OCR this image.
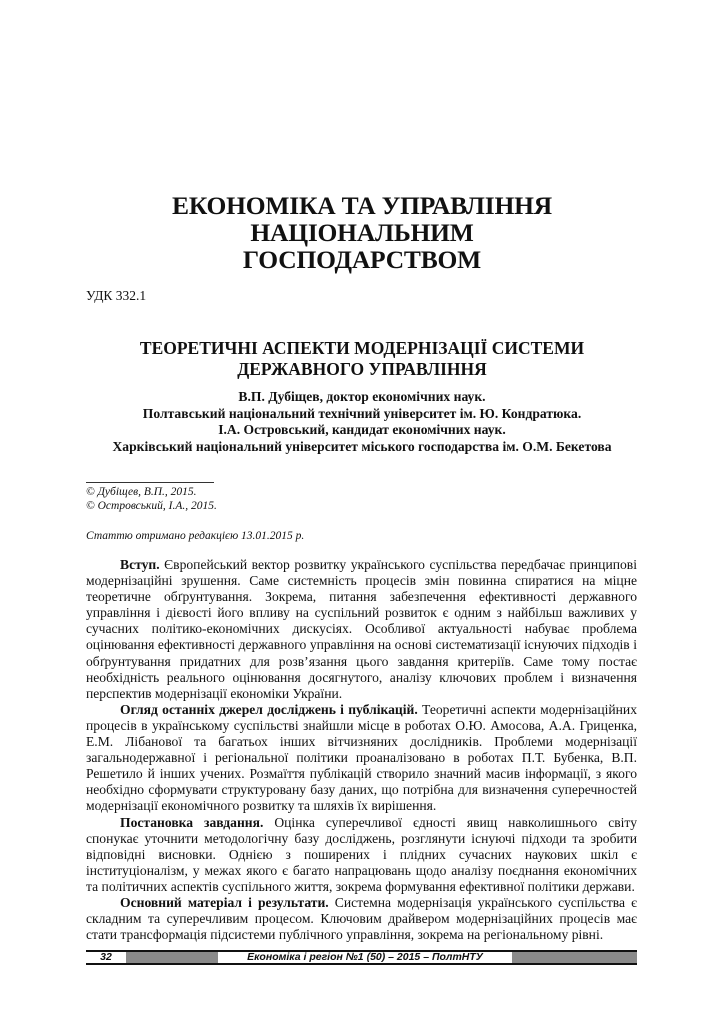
ЕКОНОМІКА ТА УПРАВЛІННЯ НАЦІОНАЛЬНИМ
ГОСПОДАРСТВОМ
УДК 332.1
ТЕОРЕТИЧНІ АСПЕКТИ МОДЕРНІЗАЦІЇ СИСТЕМИ
ДЕРЖАВНОГО УПРАВЛІННЯ
В.П. Дубіщев, доктор економічних наук.
Полтавський національний технічний університет ім. Ю. Кондратюка.
І.А. Островський, кандидат економічних наук.
Харківський національний університет міського господарства ім. О.М. Бекетова
© Дубіщев, В.П., 2015.
© Островський, І.А., 2015.
Статтю отримано редакцією 13.01.2015 р.

Вступ. Європейський вектор розвитку українського суспільства передбачає принципові модернізаційні зрушення. Саме системність процесів змін повинна спиратися на міцне теоретичне обґрунтування. Зокрема, питання забезпечення ефективності державного управління і дієвості його впливу на суспільний розвиток є одним з найбільш важливих у сучасних політико-економічних дискусіях. Особливої актуальності набуває проблема оцінювання ефективності державного управління на основі систематизації існуючих підходів і обґрунтування придатних для розв’язання цього завдання критеріїв. Саме тому постає необхідність реального оцінювання досягнутого, аналізу ключових проблем і визначення перспектив модернізації економіки України.

Огляд останніх джерел досліджень і публікацій. Теоретичні аспекти модернізаційних процесів в українському суспільстві знайшли місце в роботах О.Ю. Амосова, А.А. Гриценка, Е.М. Лібанової та багатьох інших вітчизняних дослідників. Проблеми модернізації загальнодержавної і регіональної політики проаналізовано в роботах П.Т. Бубенка, В.П. Решетило й інших учених. Розмаїття публікацій створило значний масив інформації, з якого необхідно сформувати структуровану базу даних, що потрібна для визначення суперечностей модернізації економічного розвитку та шляхів їх вирішення.

Постановка завдання. Оцінка суперечливої єдності явищ навколишнього світу спонукає уточнити методологічну базу досліджень, розглянути існуючі підходи та зробити відповідні висновки. Однією з поширених і плідних сучасних наукових шкіл є інституціоналізм, у межах якого є багато напрацювань щодо аналізу поєднання економічних та політичних аспектів суспільного життя, зокрема формування ефективної політики держави.

Основний матеріал і результати. Системна модернізація українського суспільства є складним та суперечливим процесом. Ключовим драйвером модернізаційних процесів має стати трансформація підсистеми публічного управління, зокрема на регіональному рівні.

32	Економіка і регіон №1 (50) – 2015 – ПолтНТУ
